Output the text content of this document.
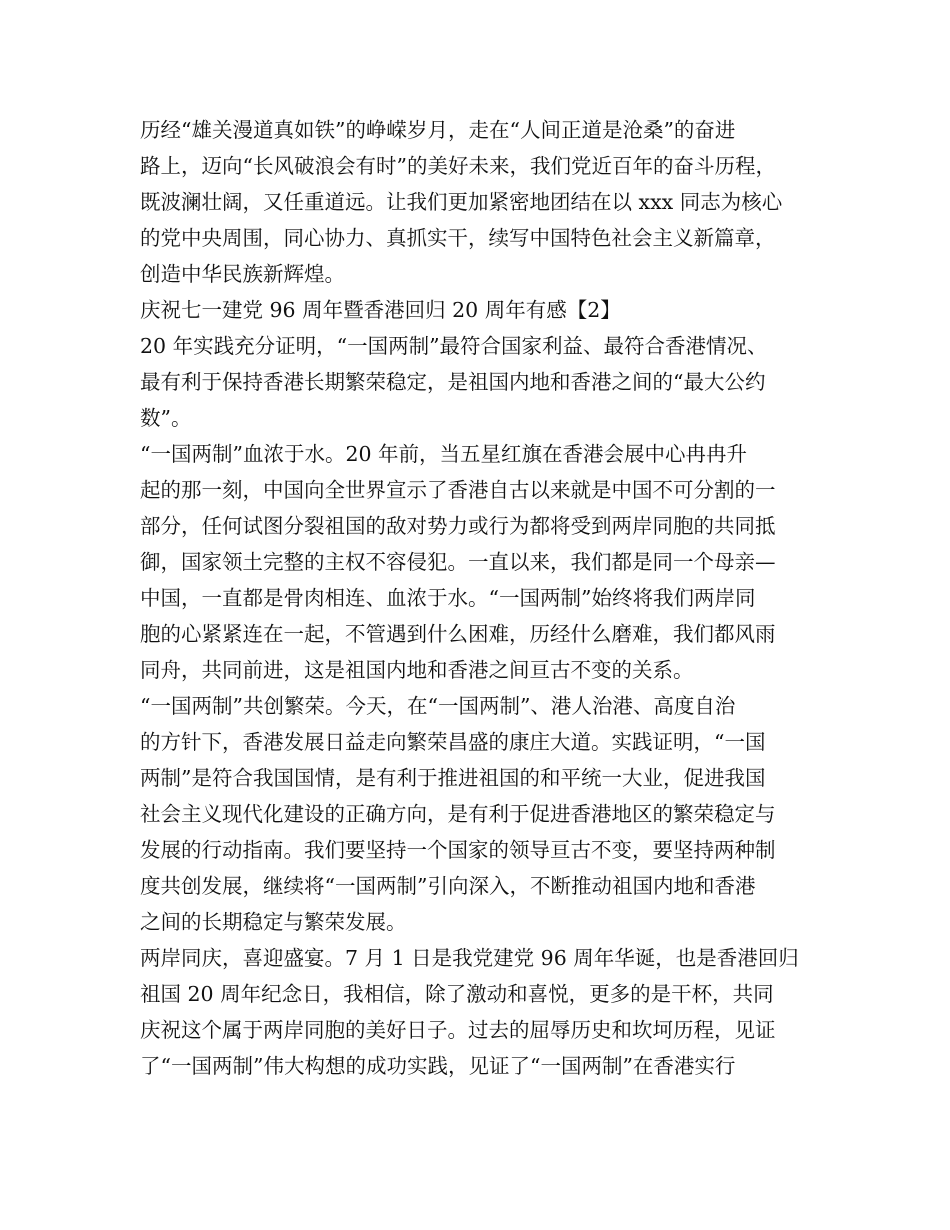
历经“雄关漫道真如铁”的峥嵘岁月，走在“人间正道是沧桑”的奋进
路上，迈向“长风破浪会有时”的美好未来，我们党近百年的奋斗历程，
既波澜壮阔，又任重道远。让我们更加紧密地团结在以 xxx 同志为核心
的党中央周围，同心协力、真抓实干，续写中国特色社会主义新篇章，
创造中华民族新辉煌。
庆祝七一建党 96 周年暨香港回归 20 周年有感【2】
20 年实践充分证明，“一国两制”最符合国家利益、最符合香港情况、
最有利于保持香港长期繁荣稳定，是祖国内地和香港之间的“最大公约
数”。
“一国两制”血浓于水。20 年前，当五星红旗在香港会展中心冉冉升
起的那一刻，中国向全世界宣示了香港自古以来就是中国不可分割的一
部分，任何试图分裂祖国的敌对势力或行为都将受到两岸同胞的共同抵
御，国家领土完整的主权不容侵犯。一直以来，我们都是同一个母亲—
中国，一直都是骨肉相连、血浓于水。“一国两制”始终将我们两岸同
胞的心紧紧连在一起，不管遇到什么困难，历经什么磨难，我们都风雨
同舟，共同前进，这是祖国内地和香港之间亘古不变的关系。
“一国两制”共创繁荣。今天，在“一国两制”、港人治港、高度自治
的方针下，香港发展日益走向繁荣昌盛的康庄大道。实践证明，“一国
两制”是符合我国国情，是有利于推进祖国的和平统一大业，促进我国
社会主义现代化建设的正确方向，是有利于促进香港地区的繁荣稳定与
发展的行动指南。我们要坚持一个国家的领导亘古不变，要坚持两种制
度共创发展，继续将“一国两制”引向深入，不断推动祖国内地和香港
之间的长期稳定与繁荣发展。
两岸同庆，喜迎盛宴。7 月 1 日是我党建党 96 周年华诞，也是香港回归
祖国 20 周年纪念日，我相信，除了激动和喜悦，更多的是干杯，共同
庆祝这个属于两岸同胞的美好日子。过去的屈辱历史和坎坷历程，见证
了“一国两制”伟大构想的成功实践，见证了“一国两制”在香港实行
